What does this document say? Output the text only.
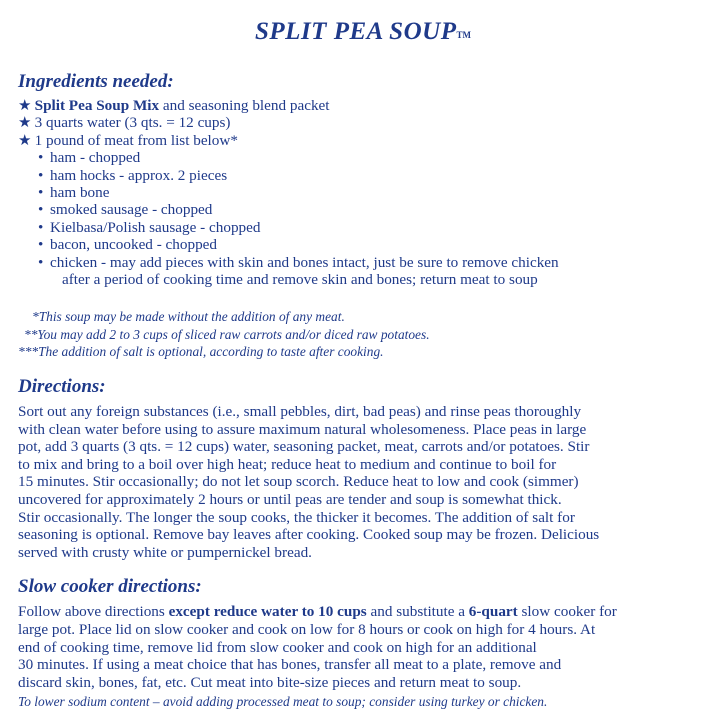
SPLIT PEA SOUPTM
Ingredients needed:
★ Split Pea Soup Mix and seasoning blend packet
★ 3 quarts water (3 qts. = 12 cups)
★ 1 pound of meat from list below*
• ham - chopped
• ham hocks - approx. 2 pieces
• ham bone
• smoked sausage - chopped
• Kielbasa/Polish sausage - chopped
• bacon, uncooked - chopped
• chicken - may add pieces with skin and bones intact, just be sure to remove chicken
after a period of cooking time and remove skin and bones; return meat to soup
*This soup may be made without the addition of any meat.
**You may add 2 to 3 cups of sliced raw carrots and/or diced raw potatoes.
***The addition of salt is optional, according to taste after cooking.
Directions:
Sort out any foreign substances (i.e., small pebbles, dirt, bad peas) and rinse peas thoroughly
with clean water before using to assure maximum natural wholesomeness. Place peas in large
pot, add 3 quarts (3 qts. = 12 cups) water, seasoning packet, meat, carrots and/or potatoes. Stir
to mix and bring to a boil over high heat; reduce heat to medium and continue to boil for
15 minutes. Stir occasionally; do not let soup scorch. Reduce heat to low and cook (simmer)
uncovered for approximately 2 hours or until peas are tender and soup is somewhat thick.
Stir occasionally. The longer the soup cooks, the thicker it becomes. The addition of salt for
seasoning is optional. Remove bay leaves after cooking. Cooked soup may be frozen. Delicious
served with crusty white or pumpernickel bread.
Slow cooker directions:
Follow above directions except reduce water to 10 cups and substitute a 6-quart slow cooker for
large pot. Place lid on slow cooker and cook on low for 8 hours or cook on high for 4 hours. At
end of cooking time, remove lid from slow cooker and cook on high for an additional
30 minutes. If using a meat choice that has bones, transfer all meat to a plate, remove and
discard skin, bones, fat, etc. Cut meat into bite-size pieces and return meat to soup.
To lower sodium content – avoid adding processed meat to soup; consider using turkey or chicken.
